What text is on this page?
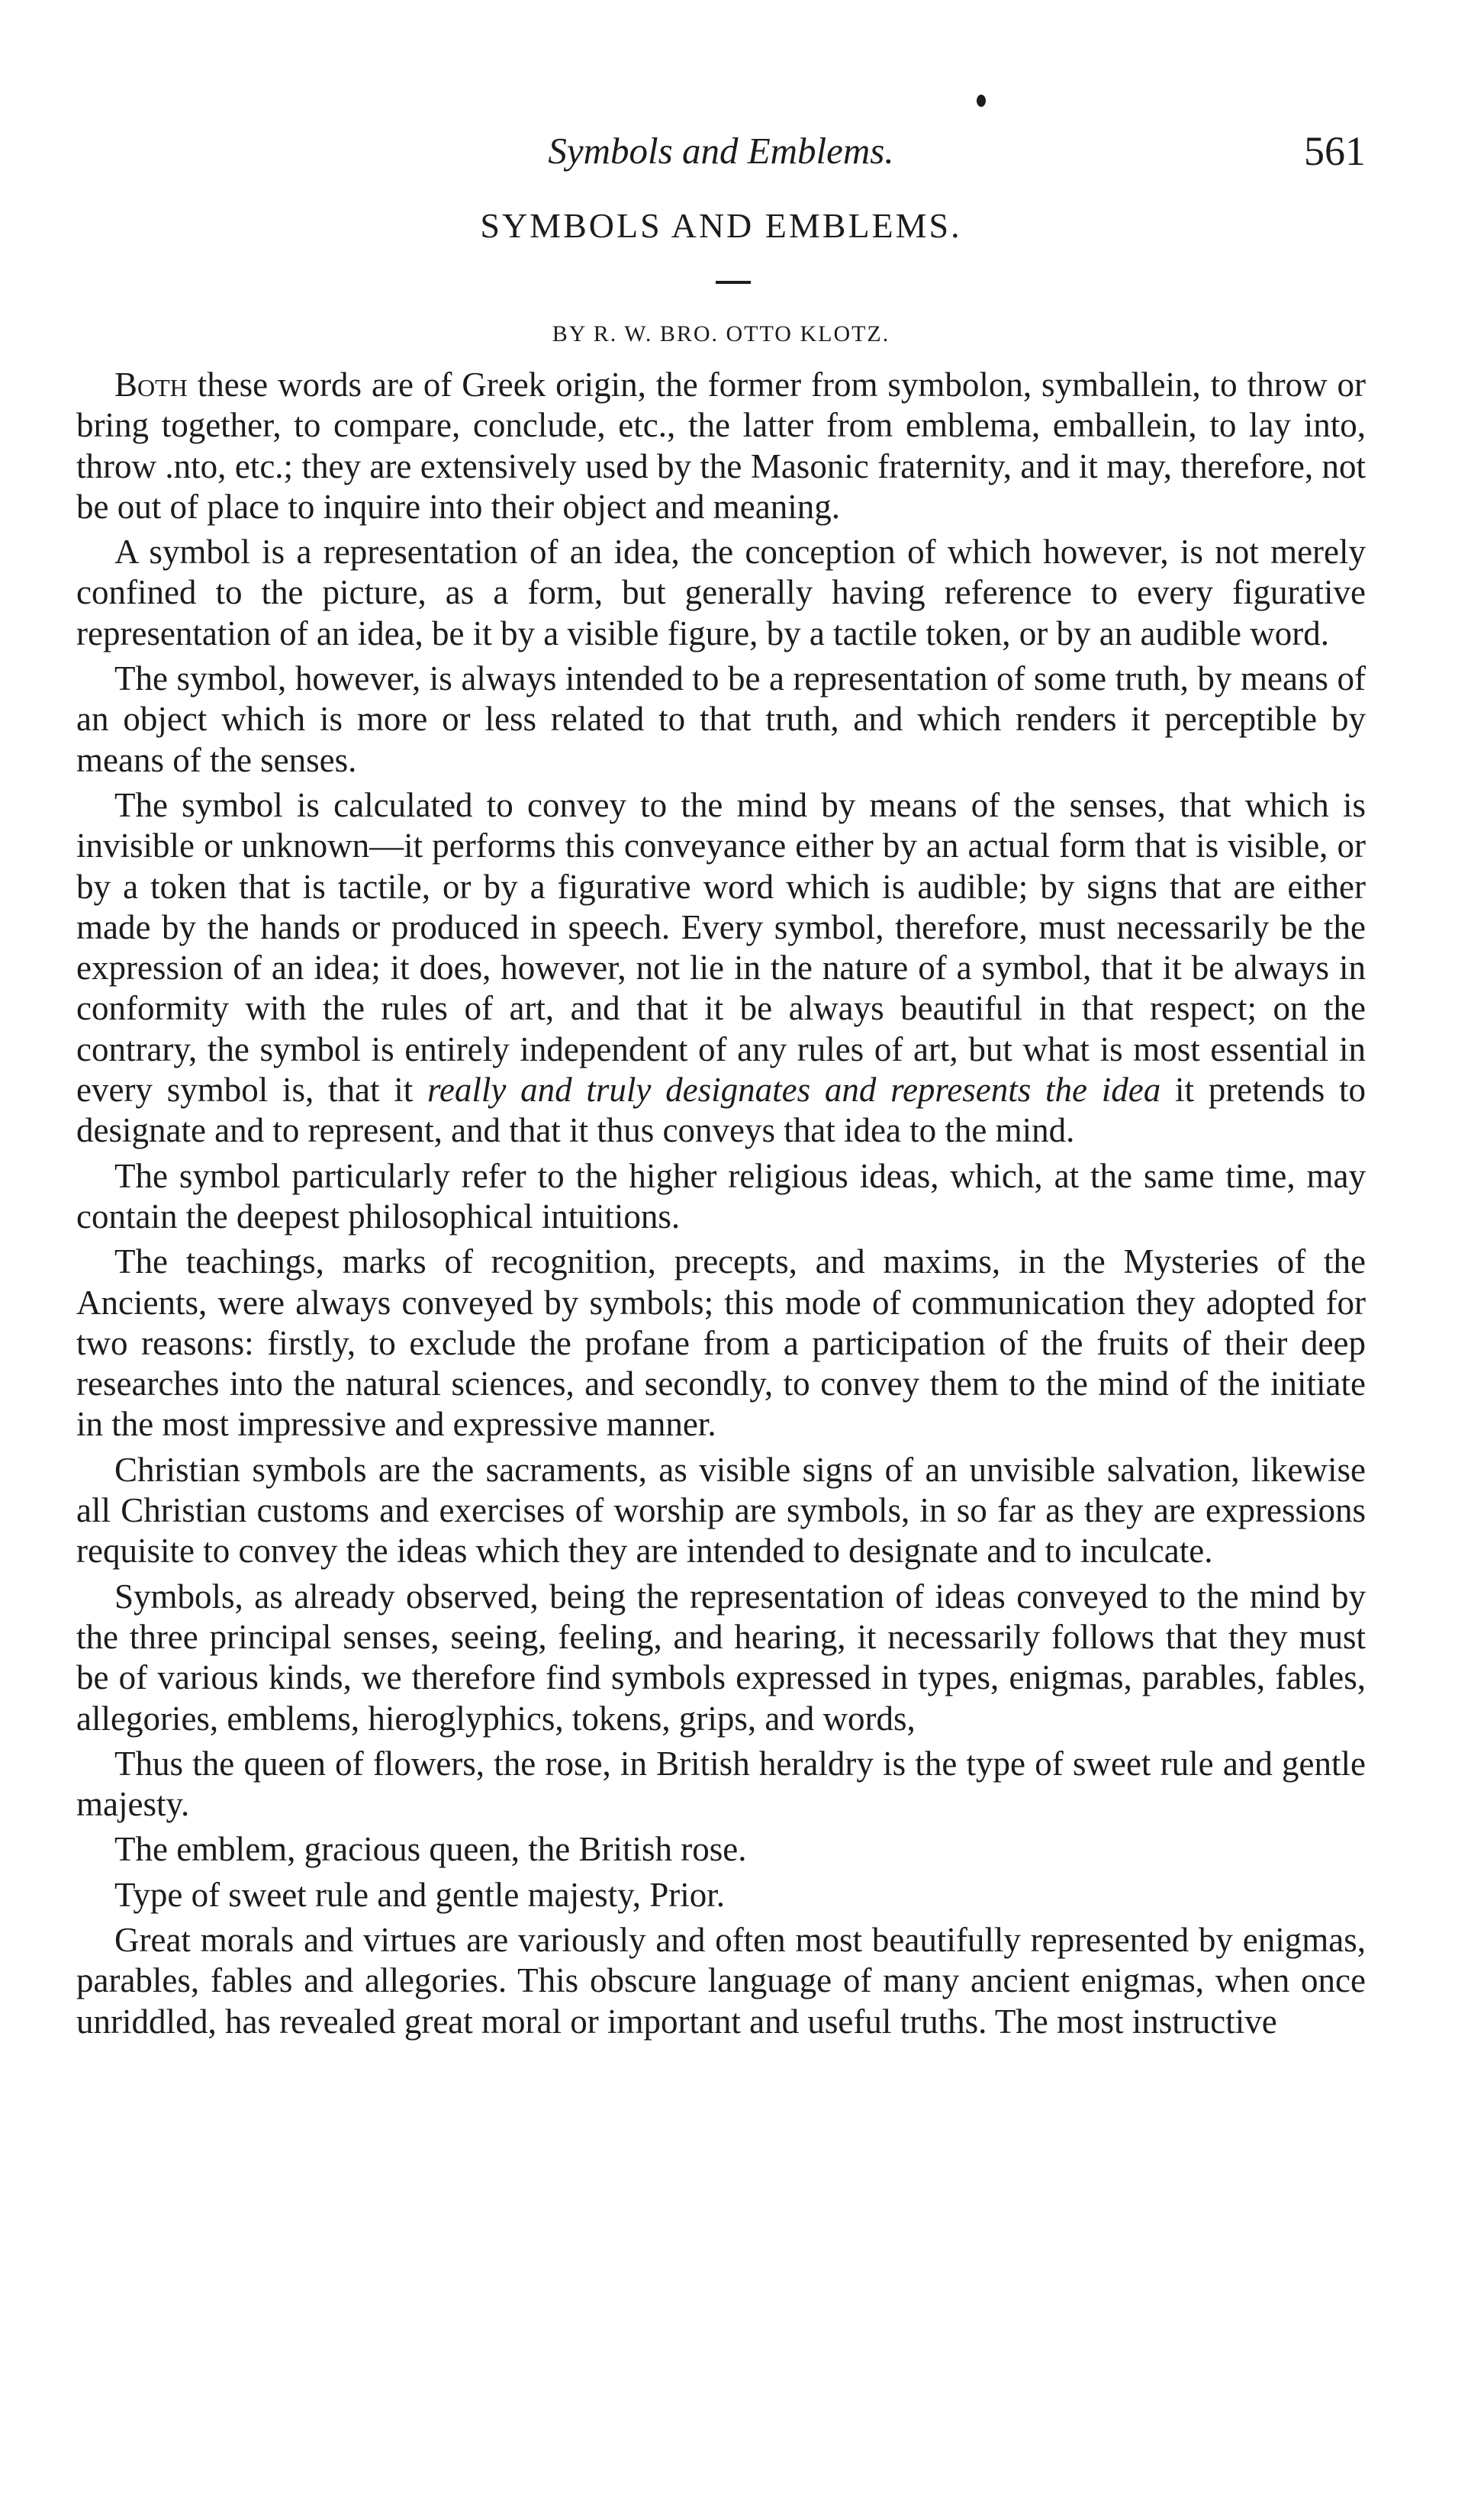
Symbols and Emblems.	561
SYMBOLS AND EMBLEMS.
BY R. W. BRO. OTTO KLOTZ.

Both these words are of Greek origin, the former from symbolon, symballein, to throw or bring together, to compare, conclude, etc., the latter from emblema, emballein, to lay into, throw .nto, etc.; they are extensively used by the Masonic fraternity, and it may, therefore, not be out of place to inquire into their object and meaning.

A symbol is a representation of an idea, the conception of which however, is not merely confined to the picture, as a form, but generally having reference to every figurative representation of an idea, be it by a visible figure, by a tactile token, or by an audible word.

The symbol, however, is always intended to be a representation of some truth, by means of an object which is more or less related to that truth, and which renders it perceptible by means of the senses.

The symbol is calculated to convey to the mind by means of the senses, that which is invisible or unknown—it performs this conveyance either by an actual form that is visible, or by a token that is tactile, or by a figurative word which is audible; by signs that are either made by the hands or produced in speech. Every symbol, therefore, must necessarily be the expression of an idea; it does, however, not lie in the nature of a symbol, that it be always in conformity with the rules of art, and that it be always beautiful in that respect; on the contrary, the symbol is entirely independent of any rules of art, but what is most essential in every symbol is, that it really and truly designates and represents the idea it pretends to designate and to represent, and that it thus conveys that idea to the mind.

The symbol particularly refer to the higher religious ideas, which, at the same time, may contain the deepest philosophical intuitions.

The teachings, marks of recognition, precepts, and maxims, in the Mysteries of the Ancients, were always conveyed by symbols; this mode of communication they adopted for two reasons: firstly, to exclude the profane from a participation of the fruits of their deep researches into the natural sciences, and secondly, to convey them to the mind of the initiate in the most impressive and expressive manner.

Christian symbols are the sacraments, as visible signs of an unvisible salvation, likewise all Christian customs and exercises of worship are symbols, in so far as they are expressions requisite to convey the ideas which they are intended to designate and to inculcate.

Symbols, as already observed, being the representation of ideas conveyed to the mind by the three principal senses, seeing, feeling, and hearing, it necessarily follows that they must be of various kinds, we therefore find symbols expressed in types, enigmas, parables, fables, allegories, emblems, hieroglyphics, tokens, grips, and words,

Thus the queen of flowers, the rose, in British heraldry is the type of sweet rule and gentle majesty.

The emblem, gracious queen, the British rose.

Type of sweet rule and gentle majesty, Prior.

Great morals and virtues are variously and often most beautifully represented by enigmas, parables, fables and allegories. This obscure language of many ancient enigmas, when once unriddled, has revealed great moral or important and useful truths. The most instructive
